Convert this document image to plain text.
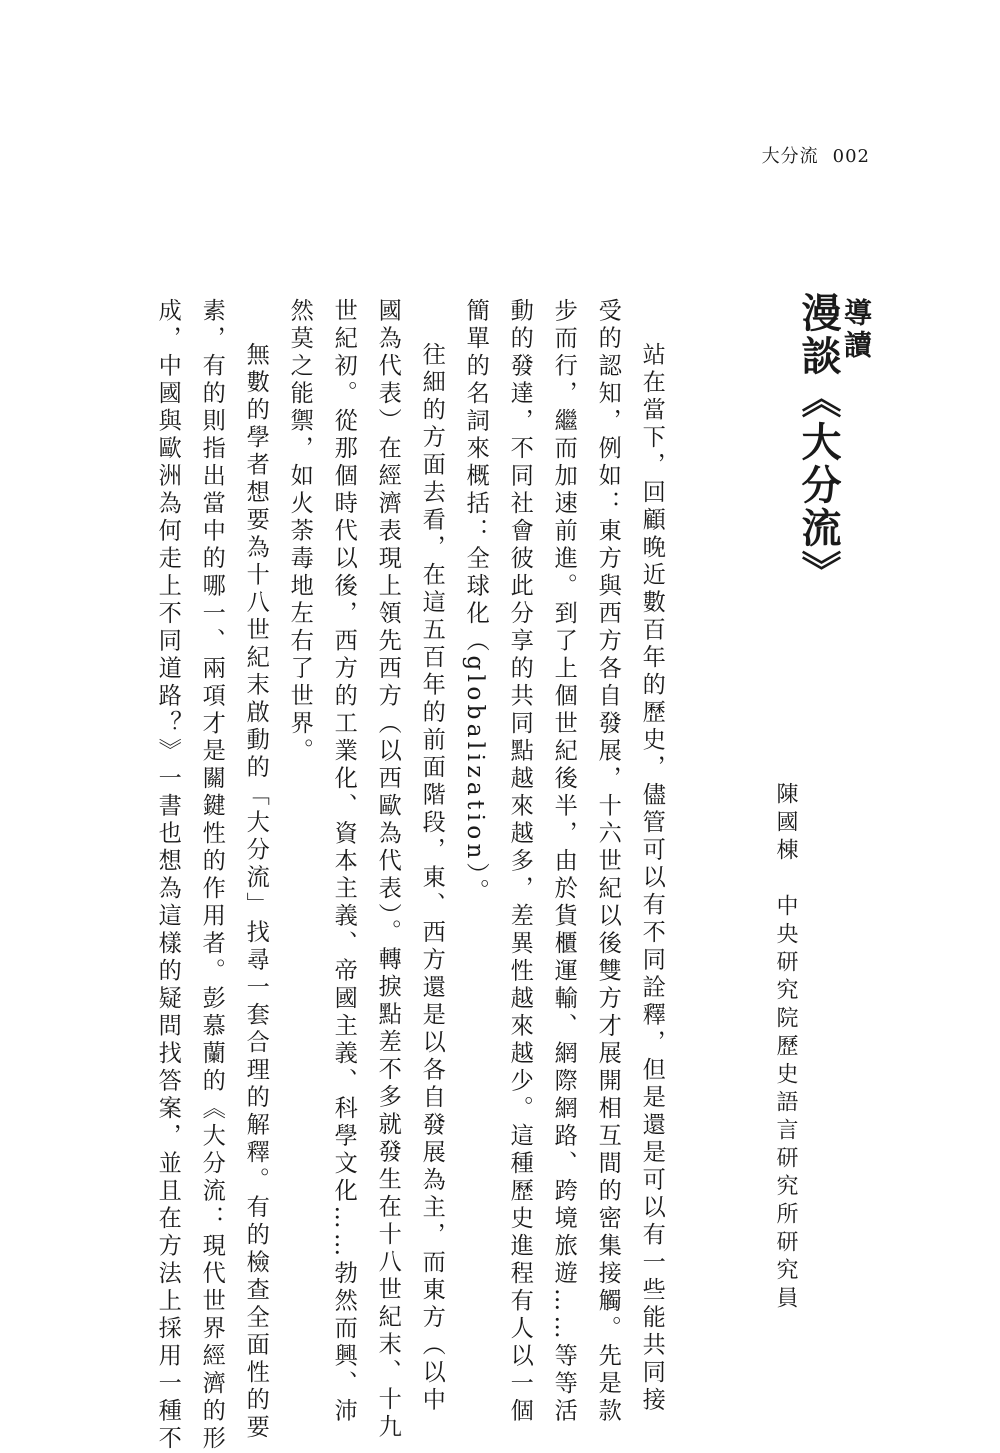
大分流 002
導讀
漫談《大分流》
陳國棟　中央研究院歷史語言研究所研究員
站在當下，回顧晚近數百年的歷史，儘管可以有不同詮釋，但是還是可以有一些能共同接
受的認知，例如：東方與西方各自發展，十六世紀以後雙方才展開相互間的密集接觸。先是款
步而行，繼而加速前進。到了上個世紀後半，由於貨櫃運輸、網際網路、跨境旅遊……等等活
動的發達，不同社會彼此分享的共同點越來越多，差異性越來越少。這種歷史進程有人以一個
簡單的名詞來概括：全球化（globalization）。
往細的方面去看，在這五百年的前面階段，東、西方還是以各自發展為主，而東方（以中
國為代表）在經濟表現上領先西方（以西歐為代表）。轉捩點差不多就發生在十八世紀末、十九
世紀初。從那個時代以後，西方的工業化、資本主義、帝國主義、科學文化……勃然而興、沛
然莫之能禦，如火荼毒地左右了世界。
無數的學者想要為十八世紀末啟動的「大分流」找尋一套合理的解釋。有的檢查全面性的要
素，有的則指出當中的哪一、兩項才是關鍵性的作用者。彭慕蘭的《大分流：現代世界經濟的形
成，中國與歐洲為何走上不同道路？》一書也想為這樣的疑問找答案，並且在方法上採用一種不
